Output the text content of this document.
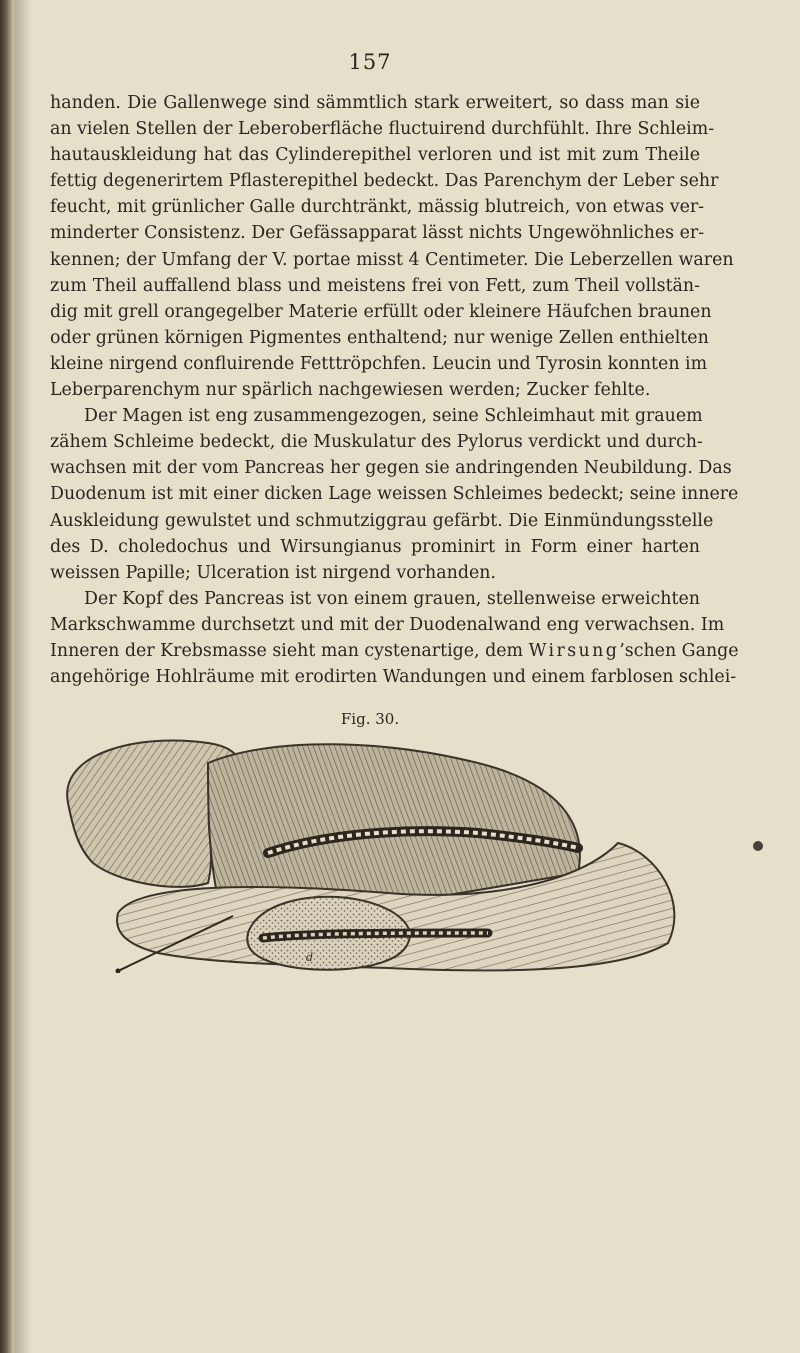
157

handen. Die Gallenwege sind sämmtlich stark erweitert, so dass man sie
an vielen Stellen der Leberoberfläche fluctuirend durchfühlt. Ihre Schleim-
hautauskleidung hat das Cylinderepithel verloren und ist mit zum Theile
fettig degenerirtem Pflasterepithel bedeckt. Das Parenchym der Leber sehr
feucht, mit grünlicher Galle durchtränkt, mässig blutreich, von etwas ver-
minderter Consistenz. Der Gefässapparat lässt nichts Ungewöhnliches er-
kennen; der Umfang der V. portae misst 4 Centimeter. Die Leberzellen waren
zum Theil auffallend blass und meistens frei von Fett, zum Theil vollstän-
dig mit grell orangegelber Materie erfüllt oder kleinere Häufchen braunen
oder grünen körnigen Pigmentes enthaltend; nur wenige Zellen enthielten
kleine nirgend confluirende Fetttröpchfen. Leucin und Tyrosin konnten im
Leberparenchym nur spärlich nachgewiesen werden; Zucker fehlte.

Der Magen ist eng zusammengezogen, seine Schleimhaut mit grauem
zähem Schleime bedeckt, die Muskulatur des Pylorus verdickt und durch-
wachsen mit der vom Pancreas her gegen sie andringenden Neubildung. Das
Duodenum ist mit einer dicken Lage weissen Schleimes bedeckt; seine innere
Auskleidung gewulstet und schmutziggrau gefärbt. Die Einmündungsstelle
des D. choledochus und Wirsungianus prominirt in Form einer harten
weissen Papille; Ulceration ist nirgend vorhanden.

Der Kopf des Pancreas ist von einem grauen, stellenweise erweichten
Markschwamme durchsetzt und mit der Duodenalwand eng verwachsen. Im
Inneren der Krebsmasse sieht man cystenartige, dem Wirsung’schen Gange
angehörige Hohlräume mit erodirten Wandungen und einem farblosen schlei-

Fig. 30.
d
